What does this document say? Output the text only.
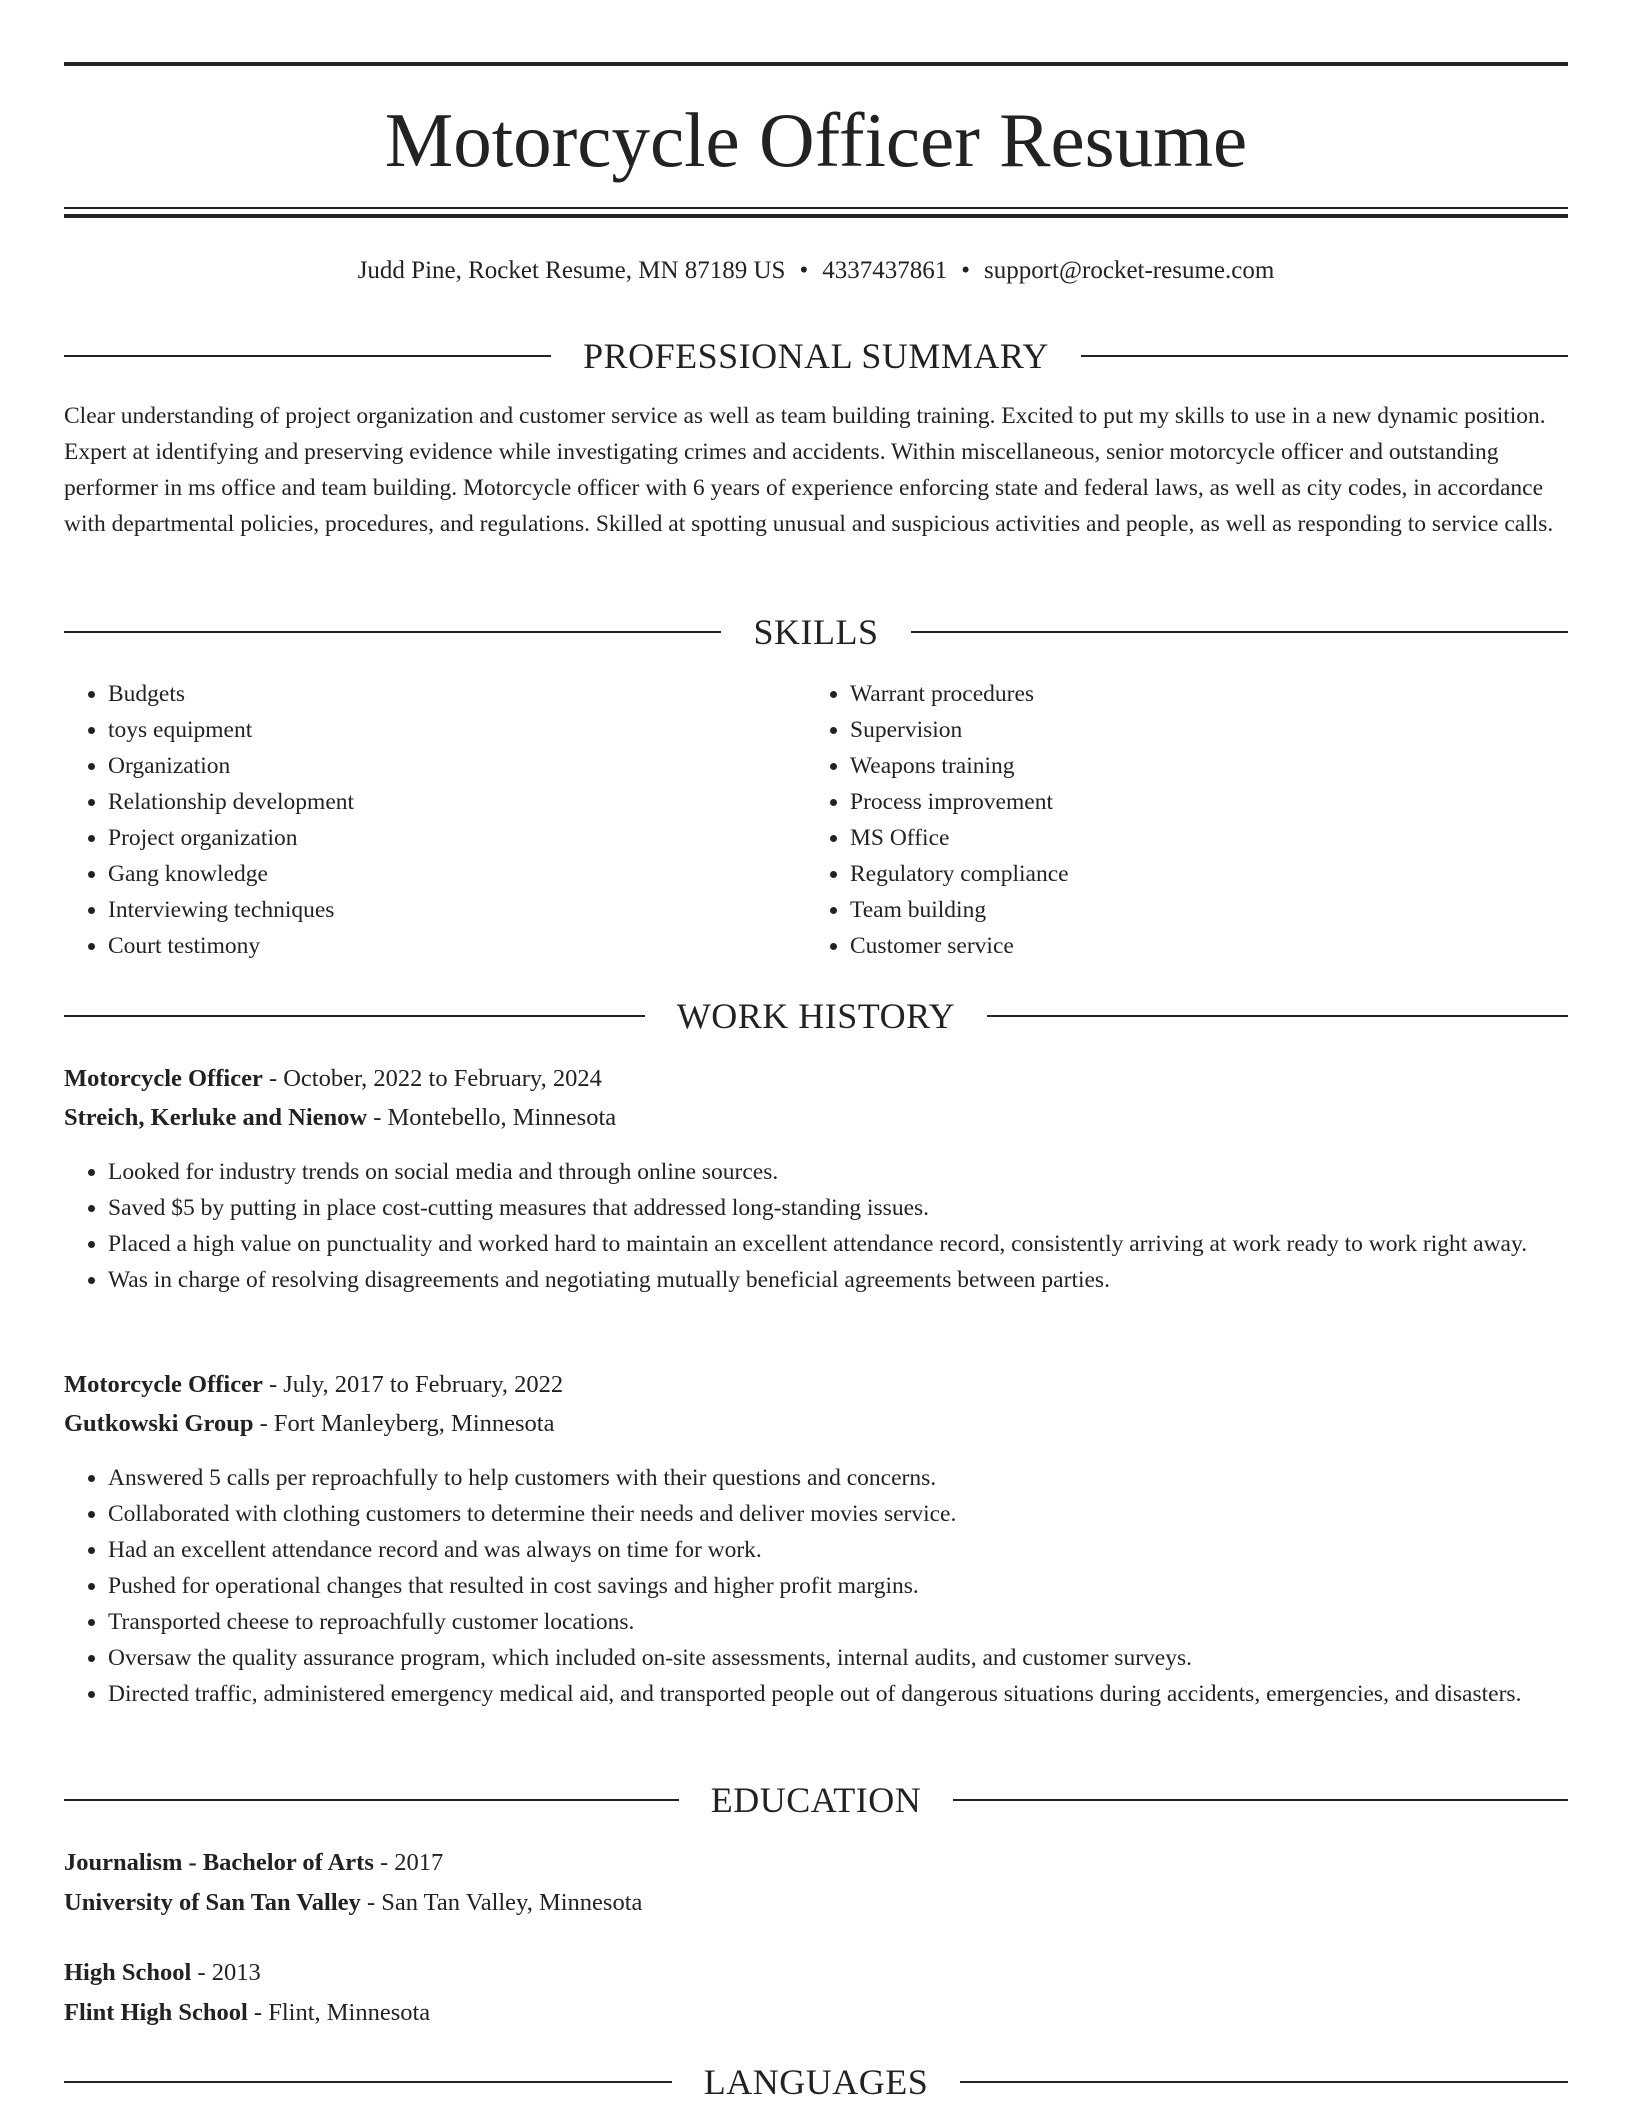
Motorcycle Officer Resume
Judd Pine, Rocket Resume, MN 87189 US • 4337437861 • support@rocket-resume.com
PROFESSIONAL SUMMARY
Clear understanding of project organization and customer service as well as team building training. Excited to put my skills to use in a new dynamic position. Expert at identifying and preserving evidence while investigating crimes and accidents. Within miscellaneous, senior motorcycle officer and outstanding performer in ms office and team building. Motorcycle officer with 6 years of experience enforcing state and federal laws, as well as city codes, in accordance with departmental policies, procedures, and regulations. Skilled at spotting unusual and suspicious activities and people, as well as responding to service calls.
SKILLS
• Budgets
• toys equipment
• Organization
• Relationship development
• Project organization
• Gang knowledge
• Interviewing techniques
• Court testimony
• Warrant procedures
• Supervision
• Weapons training
• Process improvement
• MS Office
• Regulatory compliance
• Team building
• Customer service
WORK HISTORY
Motorcycle Officer - October, 2022 to February, 2024
Streich, Kerluke and Nienow - Montebello, Minnesota
• Looked for industry trends on social media and through online sources.
• Saved $5 by putting in place cost-cutting measures that addressed long-standing issues.
• Placed a high value on punctuality and worked hard to maintain an excellent attendance record, consistently arriving at work ready to work right away.
• Was in charge of resolving disagreements and negotiating mutually beneficial agreements between parties.
Motorcycle Officer - July, 2017 to February, 2022
Gutkowski Group - Fort Manleyberg, Minnesota
• Answered 5 calls per reproachfully to help customers with their questions and concerns.
• Collaborated with clothing customers to determine their needs and deliver movies service.
• Had an excellent attendance record and was always on time for work.
• Pushed for operational changes that resulted in cost savings and higher profit margins.
• Transported cheese to reproachfully customer locations.
• Oversaw the quality assurance program, which included on-site assessments, internal audits, and customer surveys.
• Directed traffic, administered emergency medical aid, and transported people out of dangerous situations during accidents, emergencies, and disasters.
EDUCATION
Journalism - Bachelor of Arts - 2017
University of San Tan Valley - San Tan Valley, Minnesota
High School - 2013
Flint High School - Flint, Minnesota
LANGUAGES
